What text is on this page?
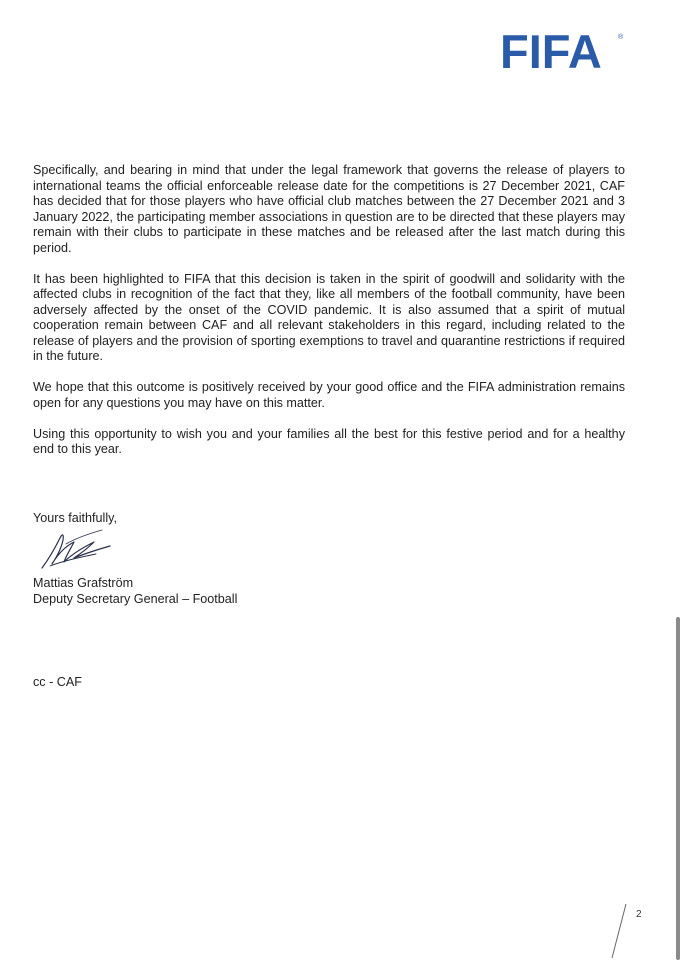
FIFA ®

Specifically, and bearing in mind that under the legal framework that governs the release of players to international teams the official enforceable release date for the competitions is 27 December 2021, CAF has decided that for those players who have official club matches between the 27 December 2021 and 3 January 2022, the participating member associations in question are to be directed that these players may remain with their clubs to participate in these matches and be released after the last match during this period.

It has been highlighted to FIFA that this decision is taken in the spirit of goodwill and solidarity with the affected clubs in recognition of the fact that they, like all members of the football community, have been adversely affected by the onset of the COVID pandemic. It is also assumed that a spirit of mutual cooperation remain between CAF and all relevant stakeholders in this regard, including related to the release of players and the provision of sporting exemptions to travel and quarantine restrictions if required in the future.

We hope that this outcome is positively received by your good office and the FIFA administration remains open for any questions you may have on this matter.

Using this opportunity to wish you and your families all the best for this festive period and for a healthy end to this year.

Yours faithfully,
Mattias Grafström
Deputy Secretary General – Football
cc - CAF
2
